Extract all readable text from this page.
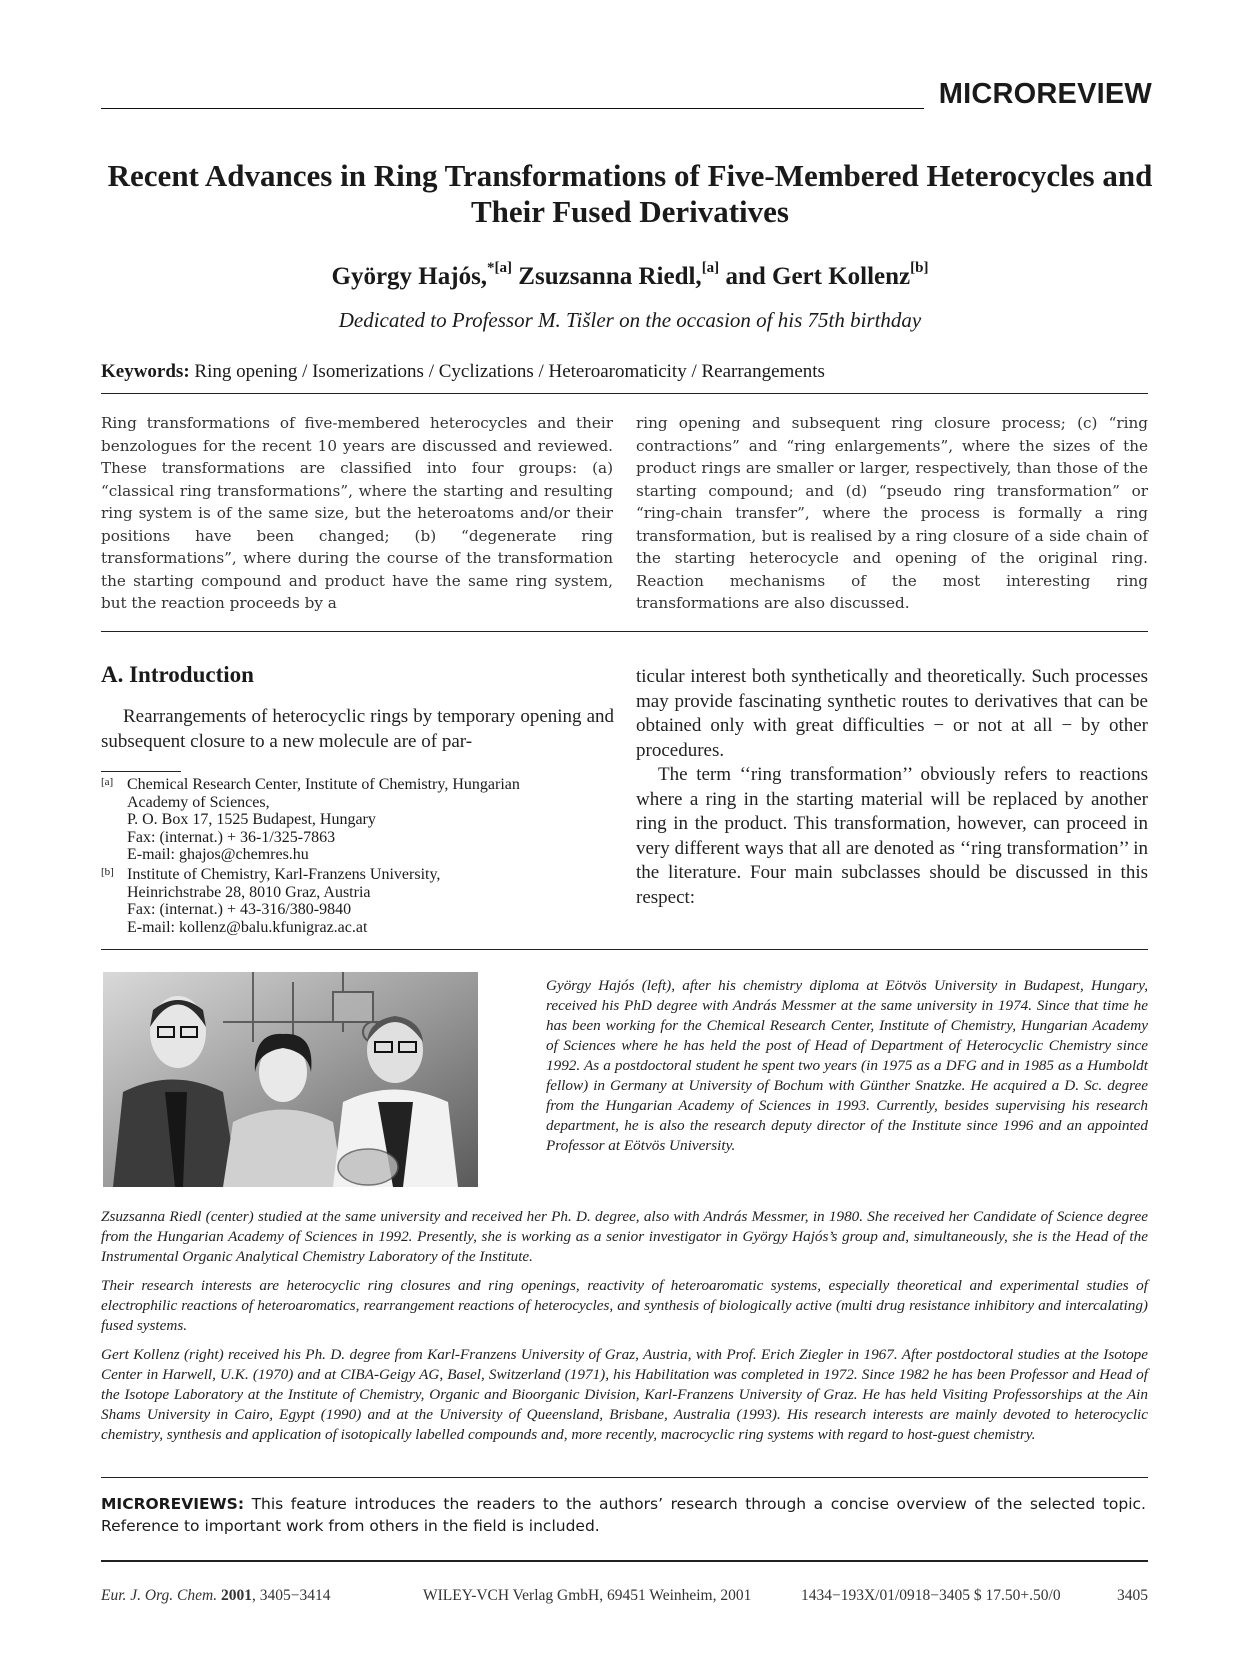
MICROREVIEW
Recent Advances in Ring Transformations of Five-Membered Heterocycles and Their Fused Derivatives
György Hajós,$^{*[a]}$ Zsuzsanna Riedl,[a] and Gert Kollenz[b]
Dedicated to Professor M. Tišler on the occasion of his 75th birthday
Keywords: Ring opening / Isomerizations / Cyclizations / Heteroaromaticity / Rearrangements

Ring transformations of five-membered heterocycles and their benzologues for the recent 10 years are discussed and reviewed. These transformations are classified into four groups: (a) “classical ring transformations”, where the starting and resulting ring system is of the same size, but the heteroatoms and/or their positions have been changed; (b) “degenerate ring transformations”, where during the course of the transformation the starting compound and product have the same ring system, but the reaction proceeds by a

ring opening and subsequent ring closure process; (c) “ring contractions” and “ring enlargements”, where the sizes of the product rings are smaller or larger, respectively, than those of the starting compound; and (d) “pseudo ring transformation” or “ring-chain transfer”, where the process is formally a ring transformation, but is realised by a ring closure of a side chain of the starting heterocycle and opening of the original ring. Reaction mechanisms of the most interesting ring transformations are also discussed.

A. Introduction

Rearrangements of heterocyclic rings by temporary opening and subsequent closure to a new molecule are of par-

ticular interest both synthetically and theoretically. Such processes may provide fascinating synthetic routes to derivatives that can be obtained only with great difficulties − or not at all − by other procedures.

The term ‘‘ring transformation’’ obviously refers to reactions where a ring in the starting material will be replaced by another ring in the product. This transformation, however, can proceed in very different ways that all are denoted as ‘‘ring transformation’’ in the literature. Four main subclasses should be discussed in this respect:

[a] Chemical Research Center, Institute of Chemistry, Hungarian
Academy of Sciences,
P. O. Box 17, 1525 Budapest, Hungary
Fax: (internat.) + 36-1/325-7863
E-mail: ghajos@chemres.hu
[b] Institute of Chemistry, Karl-Franzens University,
Heinrichstrabe 28, 8010 Graz, Austria
Fax: (internat.) + 43-316/380-9840
E-mail: kollenz@balu.kfunigraz.ac.at

György Hajós (left), after his chemistry diploma at Eötvös University in Budapest, Hungary, received his PhD degree with András Messmer at the same university in 1974. Since that time he has been working for the Chemical Research Center, Institute of Chemistry, Hungarian Academy of Sciences where he has held the post of Head of Department of Heterocyclic Chemistry since 1992. As a postdoctoral student he spent two years (in 1975 as a DFG and in 1985 as a Humboldt fellow) in Germany at University of Bochum with Günther Snatzke. He acquired a D. Sc. degree from the Hungarian Academy of Sciences in 1993. Currently, besides supervising his research department, he is also the research deputy director of the Institute since 1996 and an appointed Professor at Eötvös University.

Zsuzsanna Riedl (center) studied at the same university and received her Ph. D. degree, also with András Messmer, in 1980. She received her Candidate of Science degree from the Hungarian Academy of Sciences in 1992. Presently, she is working as a senior investigator in György Hajós’s group and, simultaneously, she is the Head of the Instrumental Organic Analytical Chemistry Laboratory of the Institute.

Their research interests are heterocyclic ring closures and ring openings, reactivity of heteroaromatic systems, especially theoretical and experimental studies of electrophilic reactions of heteroaromatics, rearrangement reactions of heterocycles, and synthesis of biologically active (multi drug resistance inhibitory and intercalating) fused systems.

Gert Kollenz (right) received his Ph. D. degree from Karl-Franzens University of Graz, Austria, with Prof. Erich Ziegler in 1967. After postdoctoral studies at the Isotope Center in Harwell, U.K. (1970) and at CIBA-Geigy AG, Basel, Switzerland (1971), his Habilitation was completed in 1972. Since 1982 he has been Professor and Head of the Isotope Laboratory at the Institute of Chemistry, Organic and Bioorganic Division, Karl-Franzens University of Graz. He has held Visiting Professorships at the Ain Shams University in Cairo, Egypt (1990) and at the University of Queensland, Brisbane, Australia (1993). His research interests are mainly devoted to heterocyclic chemistry, synthesis and application of isotopically labelled compounds and, more recently, macrocyclic ring systems with regard to host-guest chemistry.

MICROREVIEWS: This feature introduces the readers to the authors’ research through a concise overview of the selected topic. Reference to important work from others in the field is included.
Eur. J. Org. Chem. 2001, 3405−3414	WILEY-VCH Verlag GmbH, 69451 Weinheim, 2001	1434−193X/01/0918−3405 $ 17.50+.50/0	3405
